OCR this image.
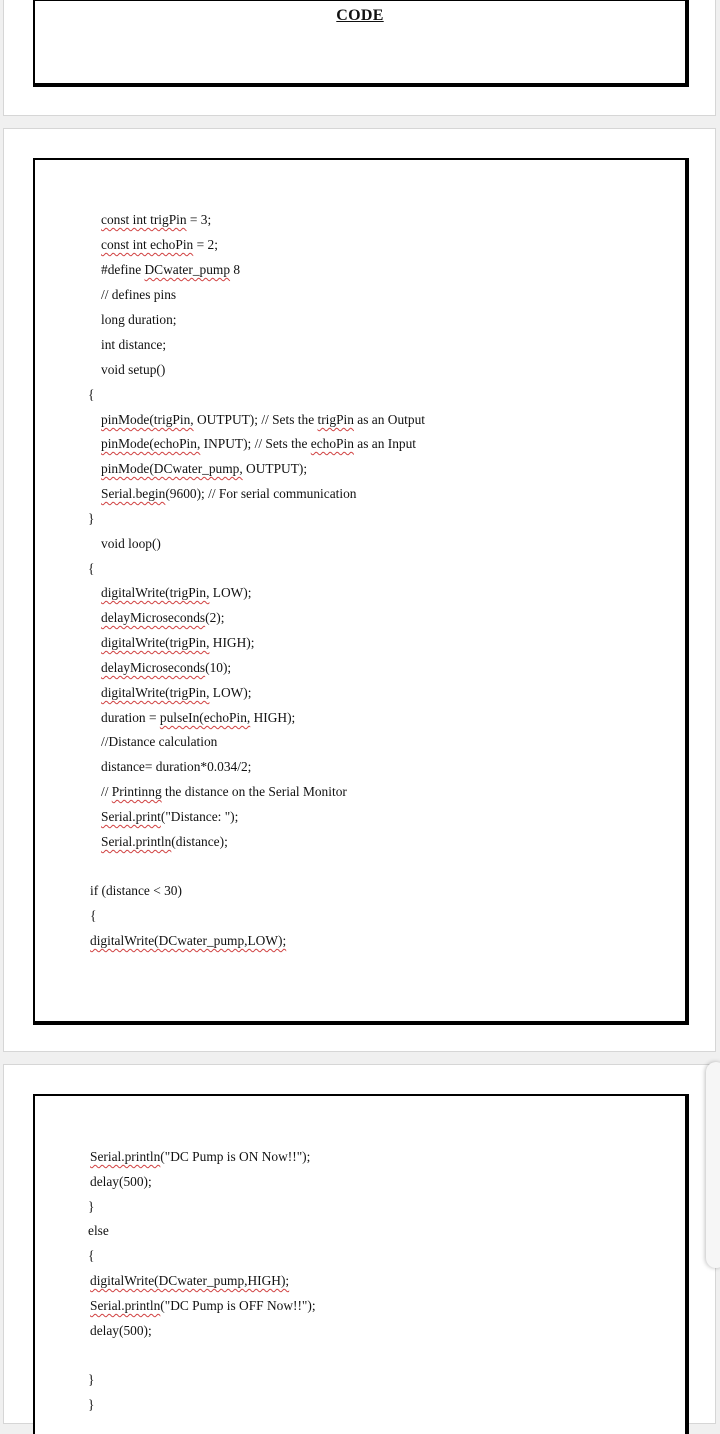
CODE
const int trigPin = 3;
const int echoPin = 2;
#define DCwater_pump 8
// defines pins
long duration;
int distance;
void setup()
{
pinMode(trigPin, OUTPUT); // Sets the trigPin as an Output
pinMode(echoPin, INPUT); // Sets the echoPin as an Input
pinMode(DCwater_pump, OUTPUT);
Serial.begin(9600); // For serial communication
}
void loop()
{
digitalWrite(trigPin, LOW);
delayMicroseconds(2);
digitalWrite(trigPin, HIGH);
delayMicroseconds(10);
digitalWrite(trigPin, LOW);
duration = pulseIn(echoPin, HIGH);
//Distance calculation
distance= duration*0.034/2;
// Printinng the distance on the Serial Monitor
Serial.print("Distance: ");
Serial.println(distance);
if (distance < 30)
{
digitalWrite(DCwater_pump,LOW);
Serial.println("DC Pump is ON Now!!");
delay(500);
}
else
{
digitalWrite(DCwater_pump,HIGH);
Serial.println("DC Pump is OFF Now!!");
delay(500);
}
}
